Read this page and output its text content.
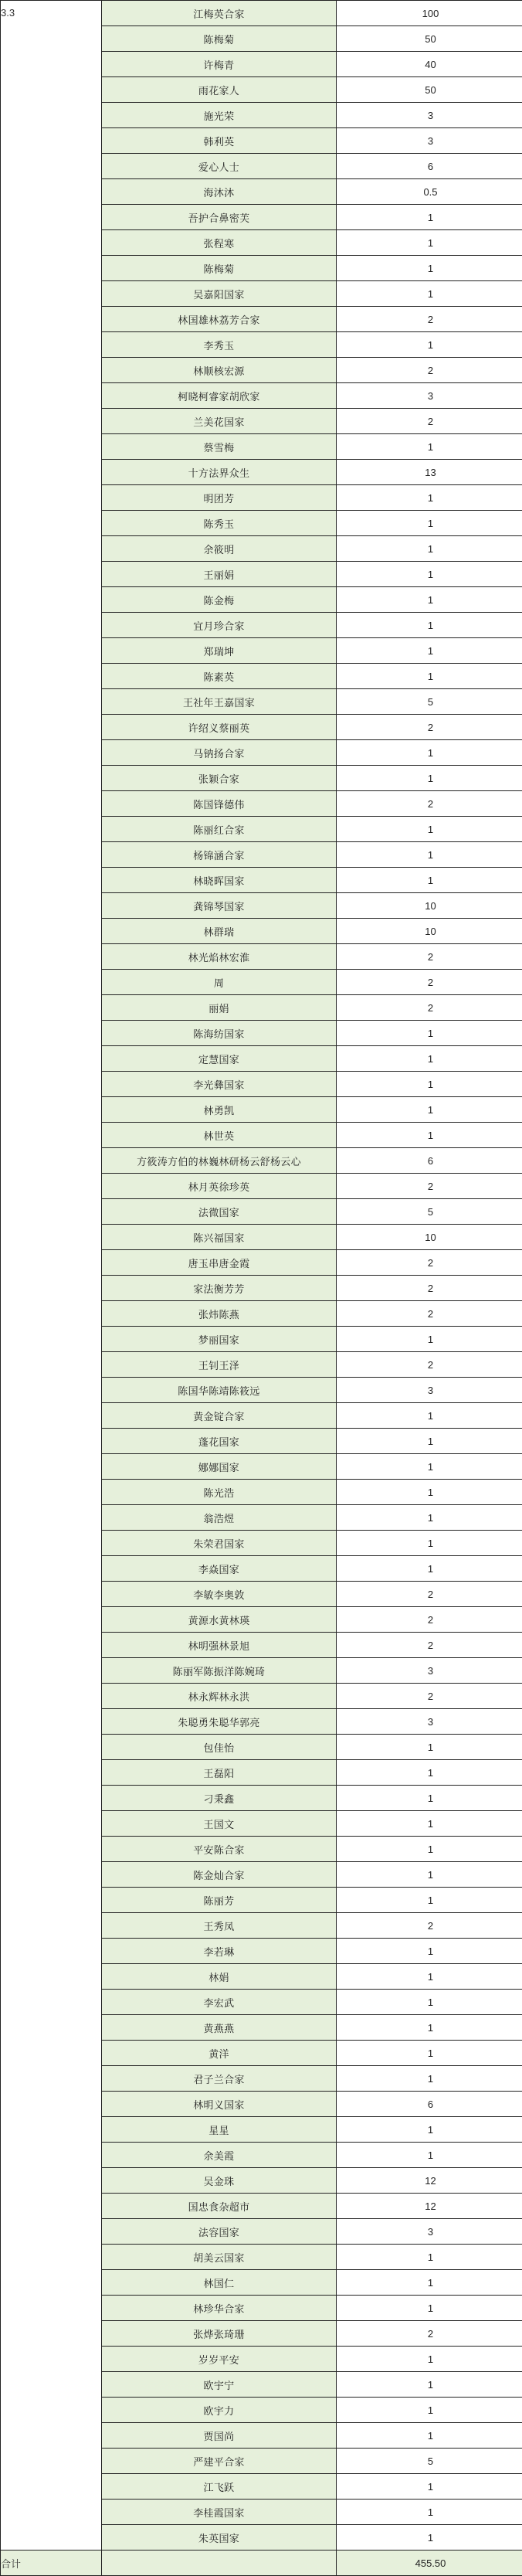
3.3	江梅英合家	100
	陈梅菊	50
	许梅青	40
	雨花家人	50
	施光荣	3
	韩利英	3
	爱心人士	6
	海沐沐	0.5
	吾护合鼻密芙	1
	张程寒	1
	陈梅菊	1
	吴嘉阳国家	1
	林国雄林荔芳合家	2
	李秀玉	1
	林顺核宏源	2
	柯晓柯睿家胡欣家	3
	兰美花国家	2
	蔡雪梅	1
	十方法界众生	13
	明团芳	1
	陈秀玉	1
	余筱明	1
	王丽娟	1
	陈金梅	1
	宜月珍合家	1
	郑瑞坤	1
	陈素英	1
	王社年王嘉国家	5
	许绍义蔡丽英	2
	马钠扬合家	1
	张颖合家	1
	陈国锋德伟	2
	陈丽红合家	1
	杨锦涵合家	1
	林晓晖国家	1
	龚锦琴国家	10
	林群瑞	10
	林光焰林宏淮	2
	周	2
	丽娟	2
	陈海纺国家	1
	定慧国家	1
	李光彝国家	1
	林勇凯	1
	林世英	1
	方筱涛方伯的林巍林研杨云舒杨云心	6
	林月英徐珍英	2
	法微国家	5
	陈兴福国家	10
	唐玉串唐金霞	2
	家法衡芳芳	2
	张炜陈燕	2
	梦丽国家	1
	王钊王泽	2
	陈国华陈靖陈筱远	3
	黄金锭合家	1
	蓬花国家	1
	娜娜国家	1
	陈光浩	1
	翁浩煜	1
	朱荣君国家	1
	李焱国家	1
	李敏李奥敦	2
	黄源水黄林瑛	2
	林明强林景旭	2
	陈丽军陈振洋陈婉琦	3
	林永辉林永洪	2
	朱聪勇朱聪华郭亮	3
	包佳怡	1
	王磊阳	1
	刁秉鑫	1
	王国文	1
	平安陈合家	1
	陈金灿合家	1
	陈丽芳	1
	王秀凤	2
	李若琳	1
	林娟	1
	李宏武	1
	黄燕燕	1
	黄洋	1
	君子兰合家	1
	林明义国家	6
	星星	1
	余美霞	1
	吴金珠	12
	国忠食杂超市	12
	法容国家	3
	胡美云国家	1
	林国仁	1
	林珍华合家	1
	张烨张琦珊	2
	岁岁平安	1
	欧宇宁	1
	欧宇力	1
	贾国尚	1
	严建平合家	5
	江飞跃	1
	李桂霞国家	1
	朱英国家	1
合计		455.50
